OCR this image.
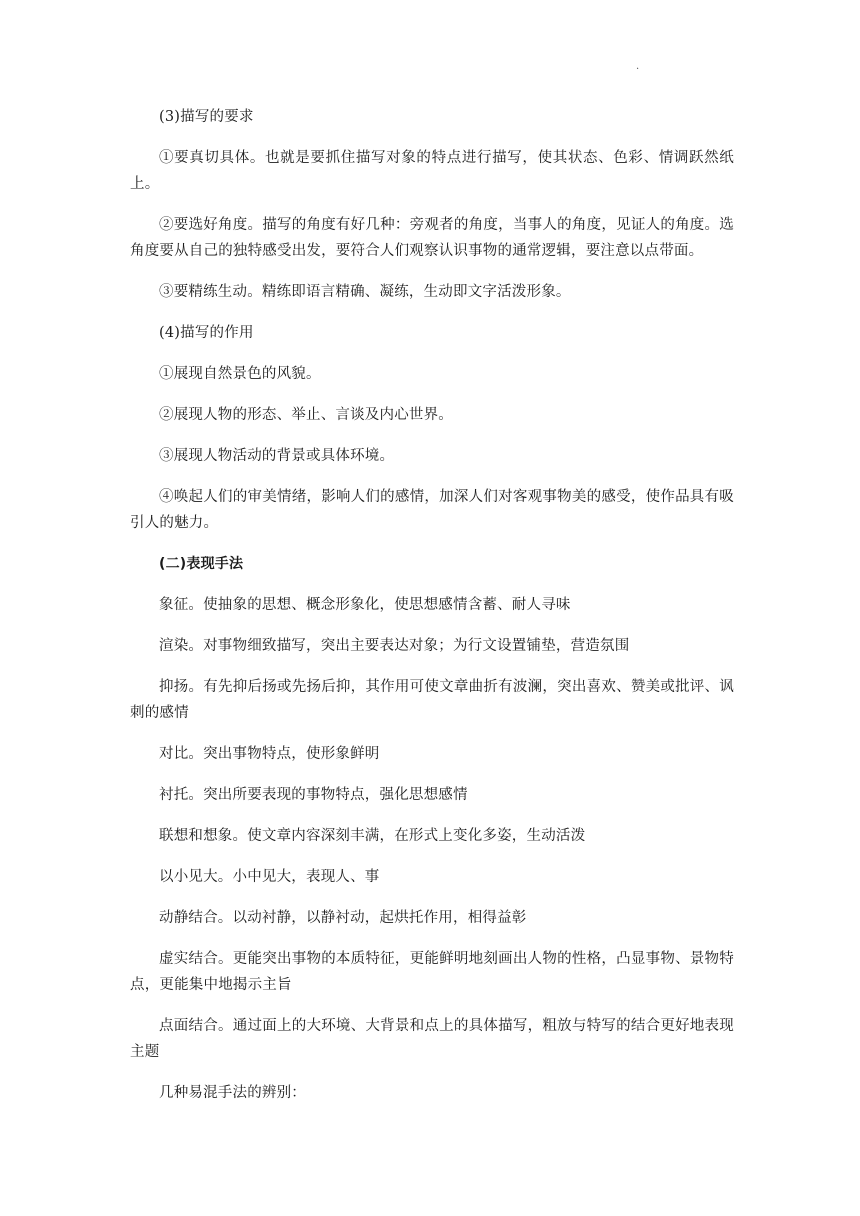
.

(3)描写的要求

①要真切具体。也就是要抓住描写对象的特点进行描写，使其状态、色彩、情调跃然纸上。

②要选好角度。描写的角度有好几种：旁观者的角度，当事人的角度，见证人的角度。选角度要从自己的独特感受出发，要符合人们观察认识事物的通常逻辑，要注意以点带面。

③要精练生动。精练即语言精确、凝练，生动即文字活泼形象。

(4)描写的作用

①展现自然景色的风貌。

②展现人物的形态、举止、言谈及内心世界。

③展现人物活动的背景或具体环境。

④唤起人们的审美情绪，影响人们的感情，加深人们对客观事物美的感受，使作品具有吸引人的魅力。

(二)表现手法

象征。使抽象的思想、概念形象化，使思想感情含蓄、耐人寻味

渲染。对事物细致描写，突出主要表达对象；为行文设置铺垫，营造氛围

抑扬。有先抑后扬或先扬后抑，其作用可使文章曲折有波澜，突出喜欢、赞美或批评、讽刺的感情

对比。突出事物特点，使形象鲜明

衬托。突出所要表现的事物特点，强化思想感情

联想和想象。使文章内容深刻丰满，在形式上变化多姿，生动活泼

以小见大。小中见大，表现人、事

动静结合。以动衬静，以静衬动，起烘托作用，相得益彰

虚实结合。更能突出事物的本质特征，更能鲜明地刻画出人物的性格，凸显事物、景物特点，更能集中地揭示主旨

点面结合。通过面上的大环境、大背景和点上的具体描写，粗放与特写的结合更好地表现主题

几种易混手法的辨别：
